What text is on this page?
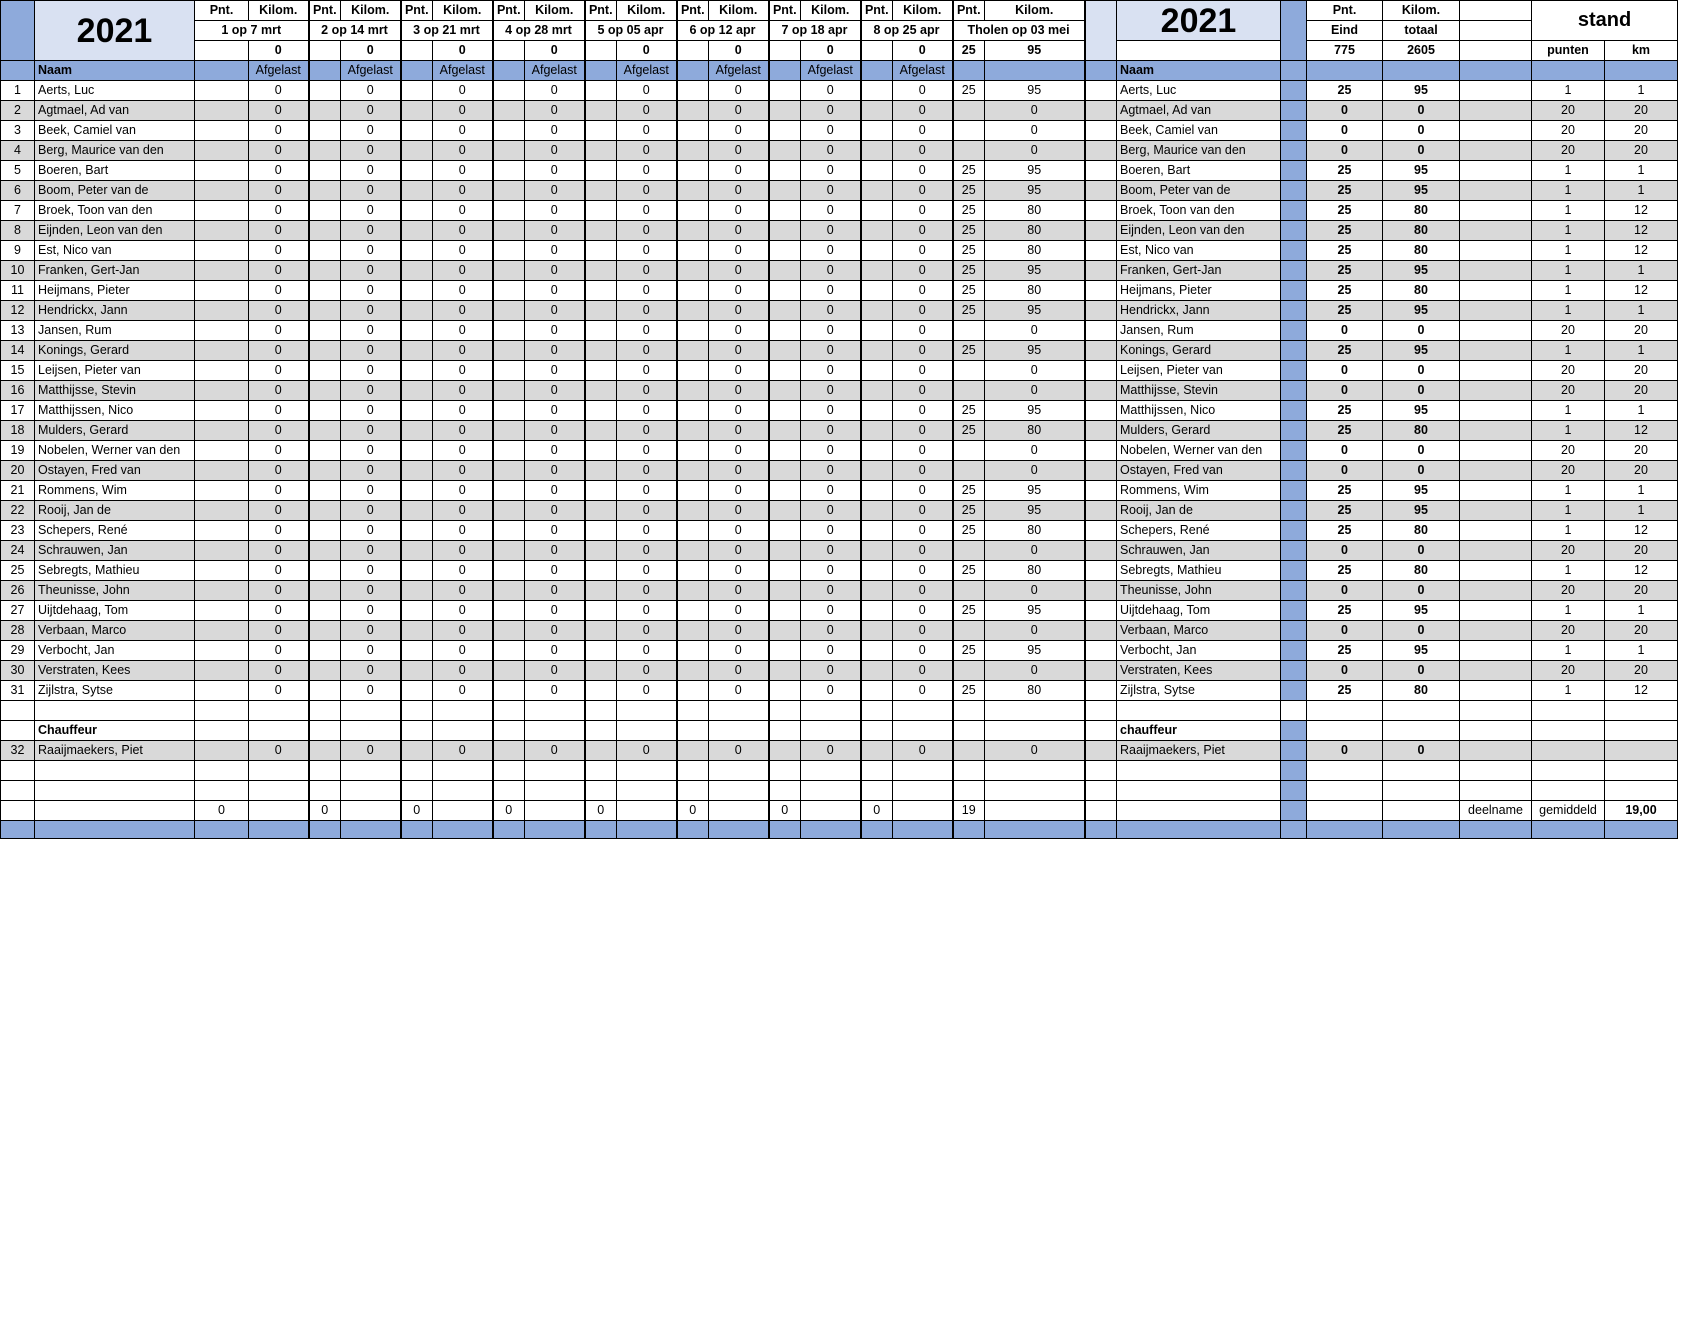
	2021	Pnt.	Kilom.	Pnt.	Kilom.	Pnt.	Kilom.	Pnt.	Kilom.	Pnt.	Kilom.	Pnt.	Kilom.	Pnt.	Kilom.	Pnt.	Kilom.	Pnt.	Kilom.		2021		Pnt.	Kilom.		stand	
		1 op 7 mrt		2 op 14 mrt		3 op 21 mrt		4 op 28 mrt		5 op 05 apr		6 op 12 apr		7 op 18 apr		8 op 25 apr		Tholen op 03 mei					Eind	totaal			
			0		0		0		0		0		0		0		0	25	95				775	2605		punten	km
	Naam		Afgelast		Afgelast		Afgelast		Afgelast		Afgelast		Afgelast		Afgelast		Afgelast				Naam						
1	Aerts, Luc		0		0		0		0		0		0		0		0	25	95		Aerts, Luc		25	95		1	1
2	Agtmael, Ad van		0		0		0		0		0		0		0		0		0		Agtmael, Ad van		0	0		20	20
3	Beek, Camiel van		0		0		0		0		0		0		0		0		0		Beek, Camiel van		0	0		20	20
4	Berg, Maurice van den		0		0		0		0		0		0		0		0		0		Berg, Maurice van den		0	0		20	20
5	Boeren, Bart		0		0		0		0		0		0		0		0	25	95		Boeren, Bart		25	95		1	1
6	Boom, Peter van de		0		0		0		0		0		0		0		0	25	95		Boom, Peter van de		25	95		1	1
7	Broek, Toon van den		0		0		0		0		0		0		0		0	25	80		Broek, Toon van den		25	80		1	12
8	Eijnden, Leon van den		0		0		0		0		0		0		0		0	25	80		Eijnden, Leon van den		25	80		1	12
9	Est, Nico van		0		0		0		0		0		0		0		0	25	80		Est, Nico van		25	80		1	12
10	Franken, Gert-Jan		0		0		0		0		0		0		0		0	25	95		Franken, Gert-Jan		25	95		1	1
11	Heijmans, Pieter		0		0		0		0		0		0		0		0	25	80		Heijmans, Pieter		25	80		1	12
12	Hendrickx, Jann		0		0		0		0		0		0		0		0	25	95		Hendrickx, Jann		25	95		1	1
13	Jansen, Rum		0		0		0		0		0		0		0		0		0		Jansen, Rum		0	0		20	20
14	Konings, Gerard		0		0		0		0		0		0		0		0	25	95		Konings, Gerard		25	95		1	1
15	Leijsen, Pieter van		0		0		0		0		0		0		0		0		0		Leijsen, Pieter van		0	0		20	20
16	Matthijsse, Stevin		0		0		0		0		0		0		0		0		0		Matthijsse, Stevin		0	0		20	20
17	Matthijssen, Nico		0		0		0		0		0		0		0		0	25	95		Matthijssen, Nico		25	95		1	1
18	Mulders, Gerard		0		0		0		0		0		0		0		0	25	80		Mulders, Gerard		25	80		1	12
19	Nobelen, Werner van den		0		0		0		0		0		0		0		0		0		Nobelen, Werner van den		0	0		20	20
20	Ostayen, Fred van		0		0		0		0		0		0		0		0		0		Ostayen, Fred van		0	0		20	20
21	Rommens, Wim		0		0		0		0		0		0		0		0	25	95		Rommens, Wim		25	95		1	1
22	Rooij, Jan de		0		0		0		0		0		0		0		0	25	95		Rooij, Jan de		25	95		1	1
23	Schepers, René		0		0		0		0		0		0		0		0	25	80		Schepers, René		25	80		1	12
24	Schrauwen, Jan		0		0		0		0		0		0		0		0		0		Schrauwen, Jan		0	0		20	20
25	Sebregts, Mathieu		0		0		0		0		0		0		0		0	25	80		Sebregts, Mathieu		25	80		1	12
26	Theunisse, John		0		0		0		0		0		0		0		0		0		Theunisse, John		0	0		20	20
27	Uijtdehaag, Tom		0		0		0		0		0		0		0		0	25	95		Uijtdehaag, Tom		25	95		1	1
28	Verbaan, Marco		0		0		0		0		0		0		0		0		0		Verbaan, Marco		0	0		20	20
29	Verbocht, Jan		0		0		0		0		0		0		0		0	25	95		Verbocht, Jan		25	95		1	1
30	Verstraten, Kees		0		0		0		0		0		0		0		0		0		Verstraten, Kees		0	0		20	20
31	Zijlstra, Sytse		0		0		0		0		0		0		0		0	25	80		Zijlstra, Sytse		25	80		1	12

	Chauffeur																				chauffeur						
32	Raaijmaekers, Piet		0		0		0		0		0		0		0		0		0		Raaijmaekers, Piet		0	0			

		0		0		0		0		0		0		0		0		19							deelname	gemiddeld	19,00
